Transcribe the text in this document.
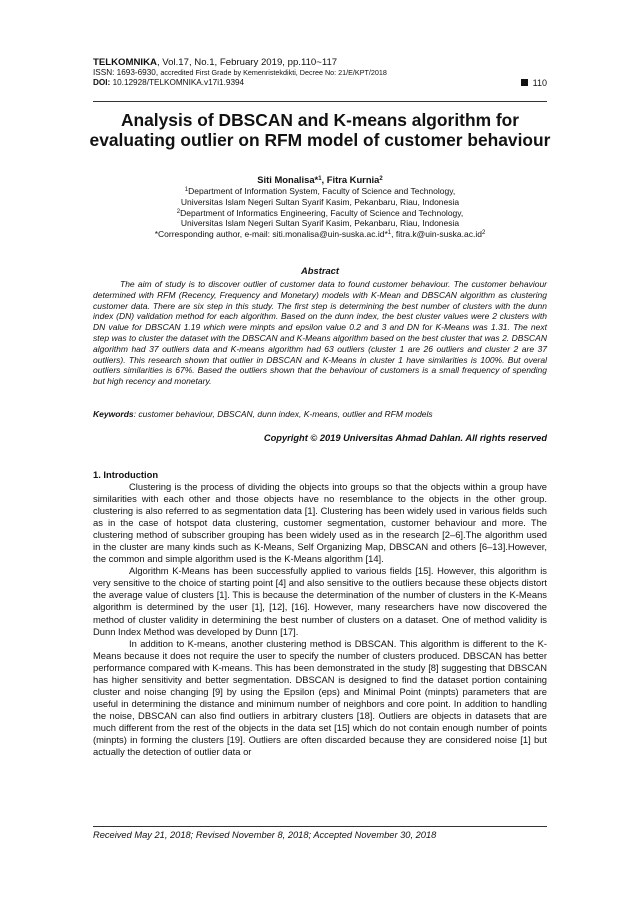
TELKOMNIKA, Vol.17, No.1, February 2019, pp.110~117
ISSN: 1693-6930, accredited First Grade by Kemenristekdikti, Decree No: 21/E/KPT/2018
DOI: 10.12928/TELKOMNIKA.v17i1.9394	110
Analysis of DBSCAN and K-means algorithm for
evaluating outlier on RFM model of customer behaviour
Siti Monalisa*$^1$, Fitra Kurnia$^2$
$^1$Department of Information System, Faculty of Science and Technology,
Universitas Islam Negeri Sultan Syarif Kasim, Pekanbaru, Riau, Indonesia
$^2$Department of Informatics Engineering, Faculty of Science and Technology,
Universitas Islam Negeri Sultan Syarif Kasim, Pekanbaru, Riau, Indonesia
*Corresponding author, e-mail: siti.monalisa@uin-suska.ac.id*$^1$, $fitra.k@uin-suska.ac.id^2$
Abstract
The aim of study is to discover outlier of customer data to found customer behaviour. The customer behaviour determined with RFM (Recency, Frequency and Monetary) models with K-Mean and DBSCAN algorithm as clustering customer data. There are six step in this study. The first step is determining the best number of clusters with the dunn index (DN) validation method for each algorithm. Based on the dunn index, the best cluster values were 2 clusters with DN value for DBSCAN 1.19 which were minpts and epsilon value 0.2 and 3 and DN for K-Means was 1.31. The next step was to cluster the dataset with the DBSCAN and K-Means algorithm based on the best cluster that was 2. DBSCAN algorithm had 37 outliers data and K-means algorithm had 63 outliers (cluster 1 are 26 outliers and cluster 2 are 37 outliers). This research shown that outlier in DBSCAN and K-Means in cluster 1 have similarities is 100%. But overal outliers similarities is 67%. Based the outliers shown that the behaviour of customers is a small frequency of spending but high recency and monetary.
Keywords: customer behaviour, DBSCAN, dunn index, K-means, outlier and RFM models
Copyright © 2019 Universitas Ahmad Dahlan. All rights reserved
1. Introduction

Clustering is the process of dividing the objects into groups so that the objects within a group have similarities with each other and those objects have no resemblance to the objects in the other group. clustering is also referred to as segmentation data [1]. Clustering has been widely used in various fields such as in the case of hotspot data clustering, customer segmentation, customer behaviour and more. The clustering method of subscriber grouping has been widely used as in the research [2–6].The algorithm used in the cluster are many kinds such as K-Means, Self Organizing Map, DBSCAN and others [6–13].However, the common and simple algorithm used is the K-Means algorithm [14].

Algorithm K-Means has been successfully applied to various fields [15]. However, this algorithm is very sensitive to the choice of starting point [4] and also sensitive to the outliers because these objects distort the average value of clusters [1]. This is because the determination of the number of clusters in the K-Means algorithm is determined by the user [1], [12], [16]. However, many researchers have now discovered the method of cluster validity in determining the best number of clusters on a dataset. One of method validity is Dunn Index Method was developed by Dunn [17].

In addition to K-means, another clustering method is DBSCAN. This algorithm is different to the K-Means because it does not require the user to specify the number of clusters produced. DBSCAN has better performance compared with K-means. This has been demonstrated in the study [8] suggesting that DBSCAN has higher sensitivity and better segmentation. DBSCAN is designed to find the dataset portion containing cluster and noise changing [9] by using the Epsilon (eps) and Minimal Point (minpts) parameters that are useful in determining the distance and minimum number of neighbors and core point. In addition to handling the noise, DBSCAN can also find outliers in arbitrary clusters [18]. Outliers are objects in datasets that are much different from the rest of the objects in the data set [15] which do not contain enough number of points (minpts) in forming the clusters [19]. Outliers are often discarded because they are considered noise [1] but actually the detection of outlier data or

Received May 21, 2018; Revised November 8, 2018; Accepted November 30, 2018
